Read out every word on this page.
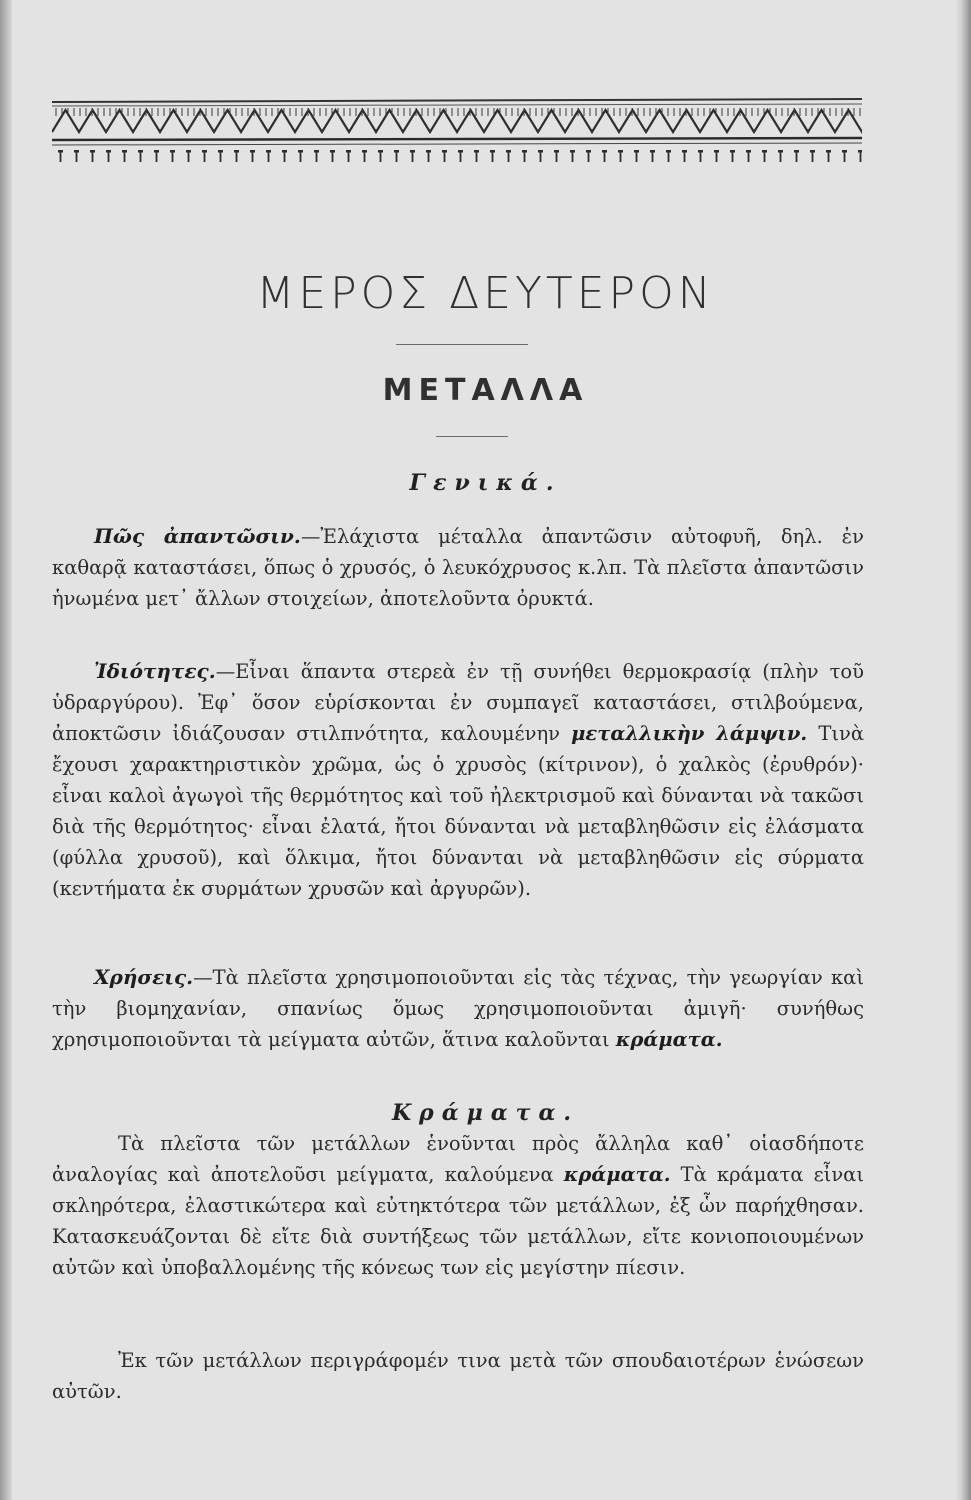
ΜΕΡΟΣ ΔΕΥΤΕΡΟΝ
ΜΕΤΑΛΛΑ
Γενικά.

Πῶς ἀπαντῶσιν.—Ἐλάχιστα μέταλλα ἀπαντῶσιν αὐτοφυῆ, δηλ. ἐν καθαρᾷ καταστάσει, ὅπως ὁ χρυσός, ὁ λευκόχρυσος κ.λπ. Τὰ πλεῖστα ἀπαντῶσιν ἡνωμένα μετ᾽ ἄλλων στοιχείων, ἀποτελοῦντα ὀρυκτά.

Ἰδιότητες.—Εἶναι ἅπαντα στερεὰ ἐν τῇ συνήθει θερμοκρασίᾳ (πλὴν τοῦ ὑδραργύρου). Ἐφ᾽ ὅσον εὑρίσκονται ἐν συμπαγεῖ καταστάσει, στιλβούμενα, ἀποκτῶσιν ἰδιάζουσαν στιλπνότητα, καλουμένην μεταλλικὴν λάμψιν. Τινὰ ἔχουσι χαρακτηριστικὸν χρῶμα, ὡς ὁ χρυσὸς (κίτρινον), ὁ χαλκὸς (ἐρυθρόν)· εἶναι καλοὶ ἀγωγοὶ τῆς θερμότητος καὶ τοῦ ἠλεκτρισμοῦ καὶ δύνανται νὰ τακῶσι διὰ τῆς θερμότητος· εἶναι ἐλατά, ἤτοι δύνανται νὰ μεταβληθῶσιν εἰς ἐλάσματα (φύλλα χρυσοῦ), καὶ ὅλκιμα, ἤτοι δύνανται νὰ μεταβληθῶσιν εἰς σύρματα (κεντήματα ἐκ συρμάτων χρυσῶν καὶ ἀργυρῶν).

Χρήσεις.—Τὰ πλεῖστα χρησιμοποιοῦνται εἰς τὰς τέχνας, τὴν γεωργίαν καὶ τὴν βιομηχανίαν, σπανίως ὅμως χρησιμοποιοῦνται ἀμιγῆ· συνήθως χρησιμοποιοῦνται τὰ μείγματα αὐτῶν, ἅτινα καλοῦνται κράματα.

Κράματα.

Τὰ πλεῖστα τῶν μετάλλων ἑνοῦνται πρὸς ἄλληλα καθ᾽ οἱασδήποτε ἀναλογίας καὶ ἀποτελοῦσι μείγματα, καλούμενα κράματα. Τὰ κράματα εἶναι σκληρότερα, ἐλαστικώτερα καὶ εὐτηκτότερα τῶν μετάλλων, ἐξ ὧν παρήχθησαν. Κατασκευάζονται δὲ εἴτε διὰ συντήξεως τῶν μετάλλων, εἴτε κονιοποιουμένων αὐτῶν καὶ ὑποβαλλομένης τῆς κόνεως των εἰς μεγίστην πίεσιν.

Ἐκ τῶν μετάλλων περιγράφομέν τινα μετὰ τῶν σπουδαιοτέρων ἑνώσεων αὐτῶν.
